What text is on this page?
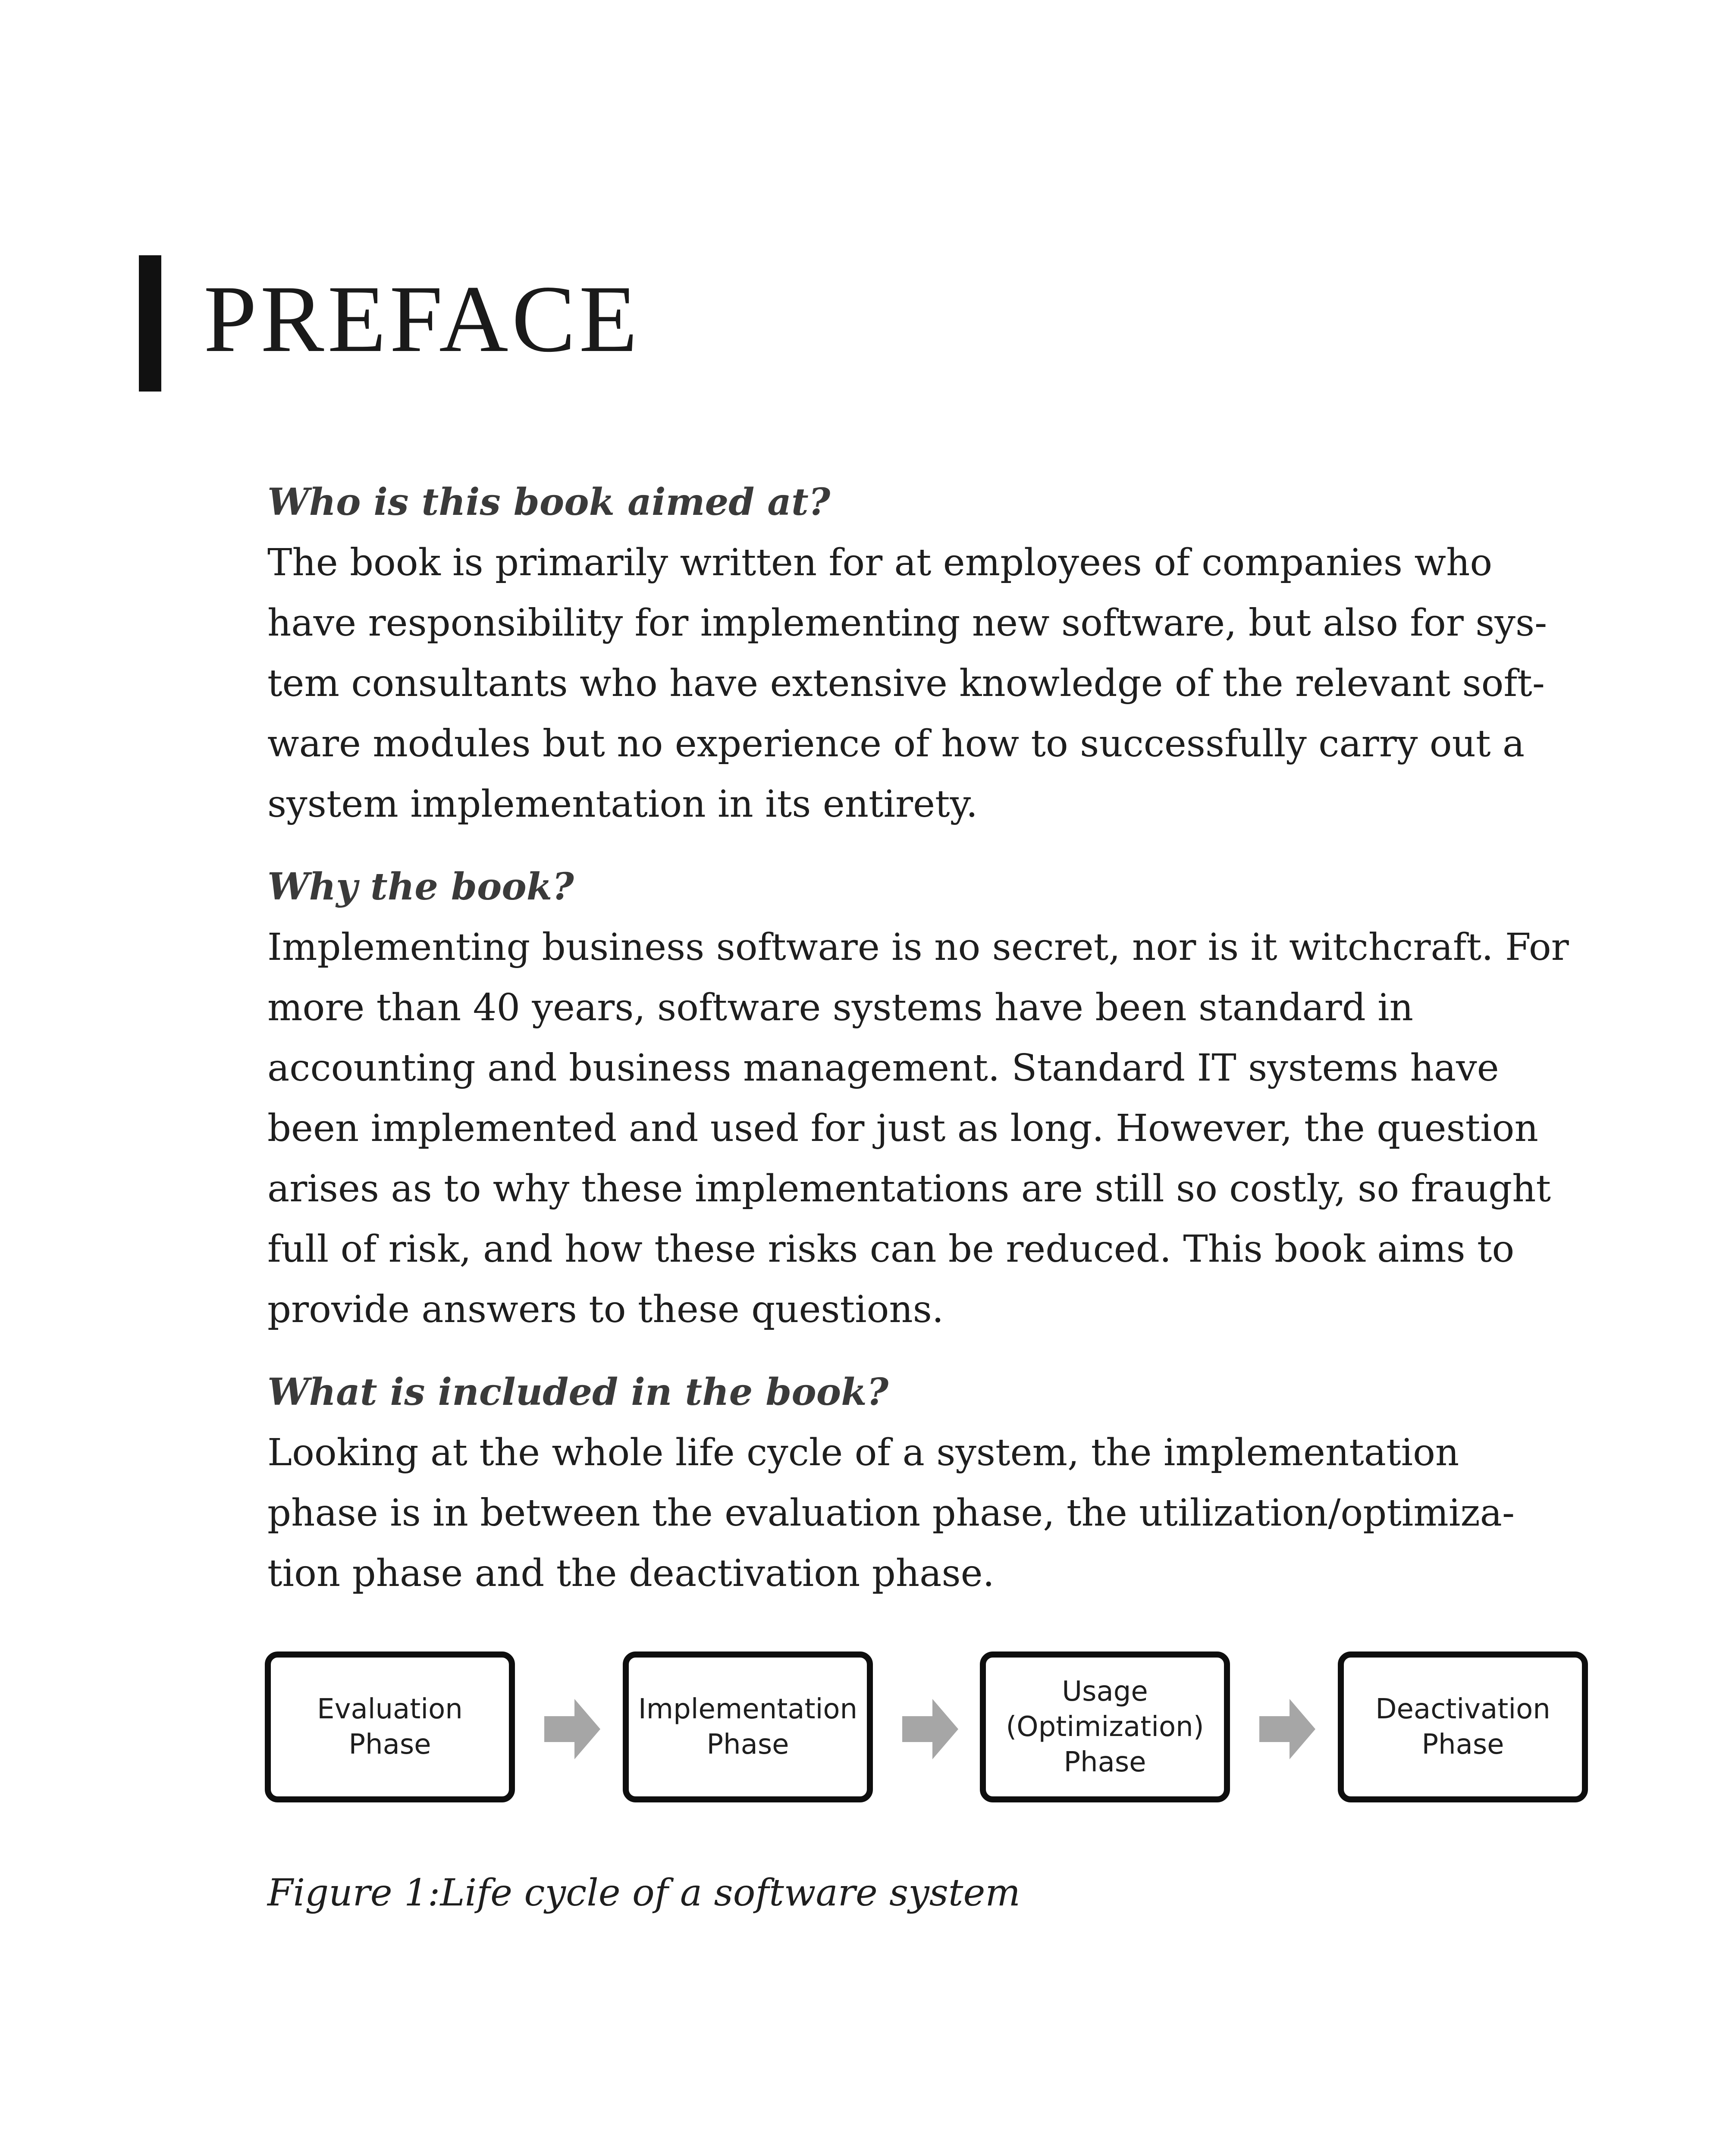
PREFACE

Who is this book aimed at?

The book is primarily written for at employees of companies who
have responsibility for implementing new software, but also for sys-
tem consultants who have extensive knowledge of the relevant soft-
ware modules but no experience of how to successfully carry out a
system implementation in its entirety.

Why the book?

Implementing business software is no secret, nor is it witchcraft. For
more than 40 years, software systems have been standard in
accounting and business management. Standard IT systems have
been implemented and used for just as long. However, the question
arises as to why these implementations are still so costly, so fraught
full of risk, and how these risks can be reduced. This book aims to
provide answers to these questions.

What is included in the book?

Looking at the whole life cycle of a system, the implementation
phase is in between the evaluation phase, the utilization/optimiza-
tion phase and the deactivation phase.

Evaluation
Phase
Implementation
Phase
Usage
(Optimization)
Phase
Deactivation
Phase

Figure 1:Life cycle of a software system
